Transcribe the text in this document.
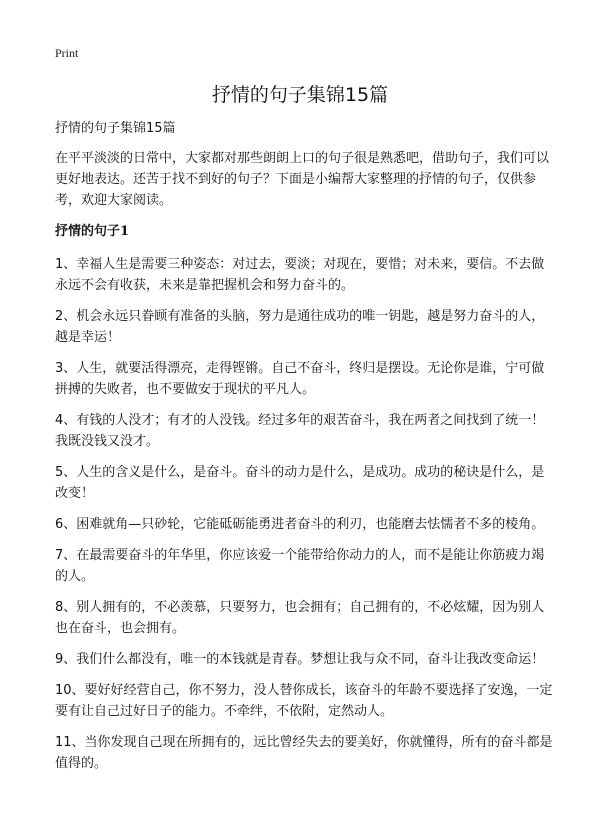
Print
抒情的句子集锦15篇

抒情的句子集锦15篇

在平平淡淡的日常中，大家都对那些朗朗上口的句子很是熟悉吧，借助句子，我们可以更好地表达。还苦于找不到好的句子？下面是小编帮大家整理的抒情的句子，仅供参考，欢迎大家阅读。

抒情的句子1

1、幸福人生是需要三种姿态：对过去，要淡；对现在，要惜；对未来，要信。不去做永远不会有收获，未来是靠把握机会和努力奋斗的。

2、机会永远只眷顾有准备的头脑，努力是通往成功的唯一钥匙，越是努力奋斗的人，越是幸运！

3、人生，就要活得漂亮，走得铿锵。自己不奋斗，终归是摆设。无论你是谁，宁可做拼搏的失败者，也不要做安于现状的平凡人。

4、有钱的人没才；有才的人没钱。经过多年的艰苦奋斗，我在两者之间找到了统一！我既没钱又没才。

5、人生的含义是什么，是奋斗。奋斗的动力是什么，是成功。成功的秘诀是什么，是改变！

6、困难就角—只砂轮，它能砥砺能勇进者奋斗的利刃，也能磨去怯懦者不多的棱角。

7、在最需要奋斗的年华里，你应该爱一个能带给你动力的人，而不是能让你筋疲力竭的人。

8、别人拥有的，不必羡慕，只要努力，也会拥有；自己拥有的，不必炫耀，因为别人也在奋斗，也会拥有。

9、我们什么都没有，唯一的本钱就是青春。梦想让我与众不同，奋斗让我改变命运！

10、要好好经营自己，你不努力，没人替你成长，该奋斗的年龄不要选择了安逸，一定要有让自己过好日子的能力。不牵绊，不依附，定然动人。

11、当你发现自己现在所拥有的，远比曾经失去的要美好，你就懂得，所有的奋斗都是值得的。
